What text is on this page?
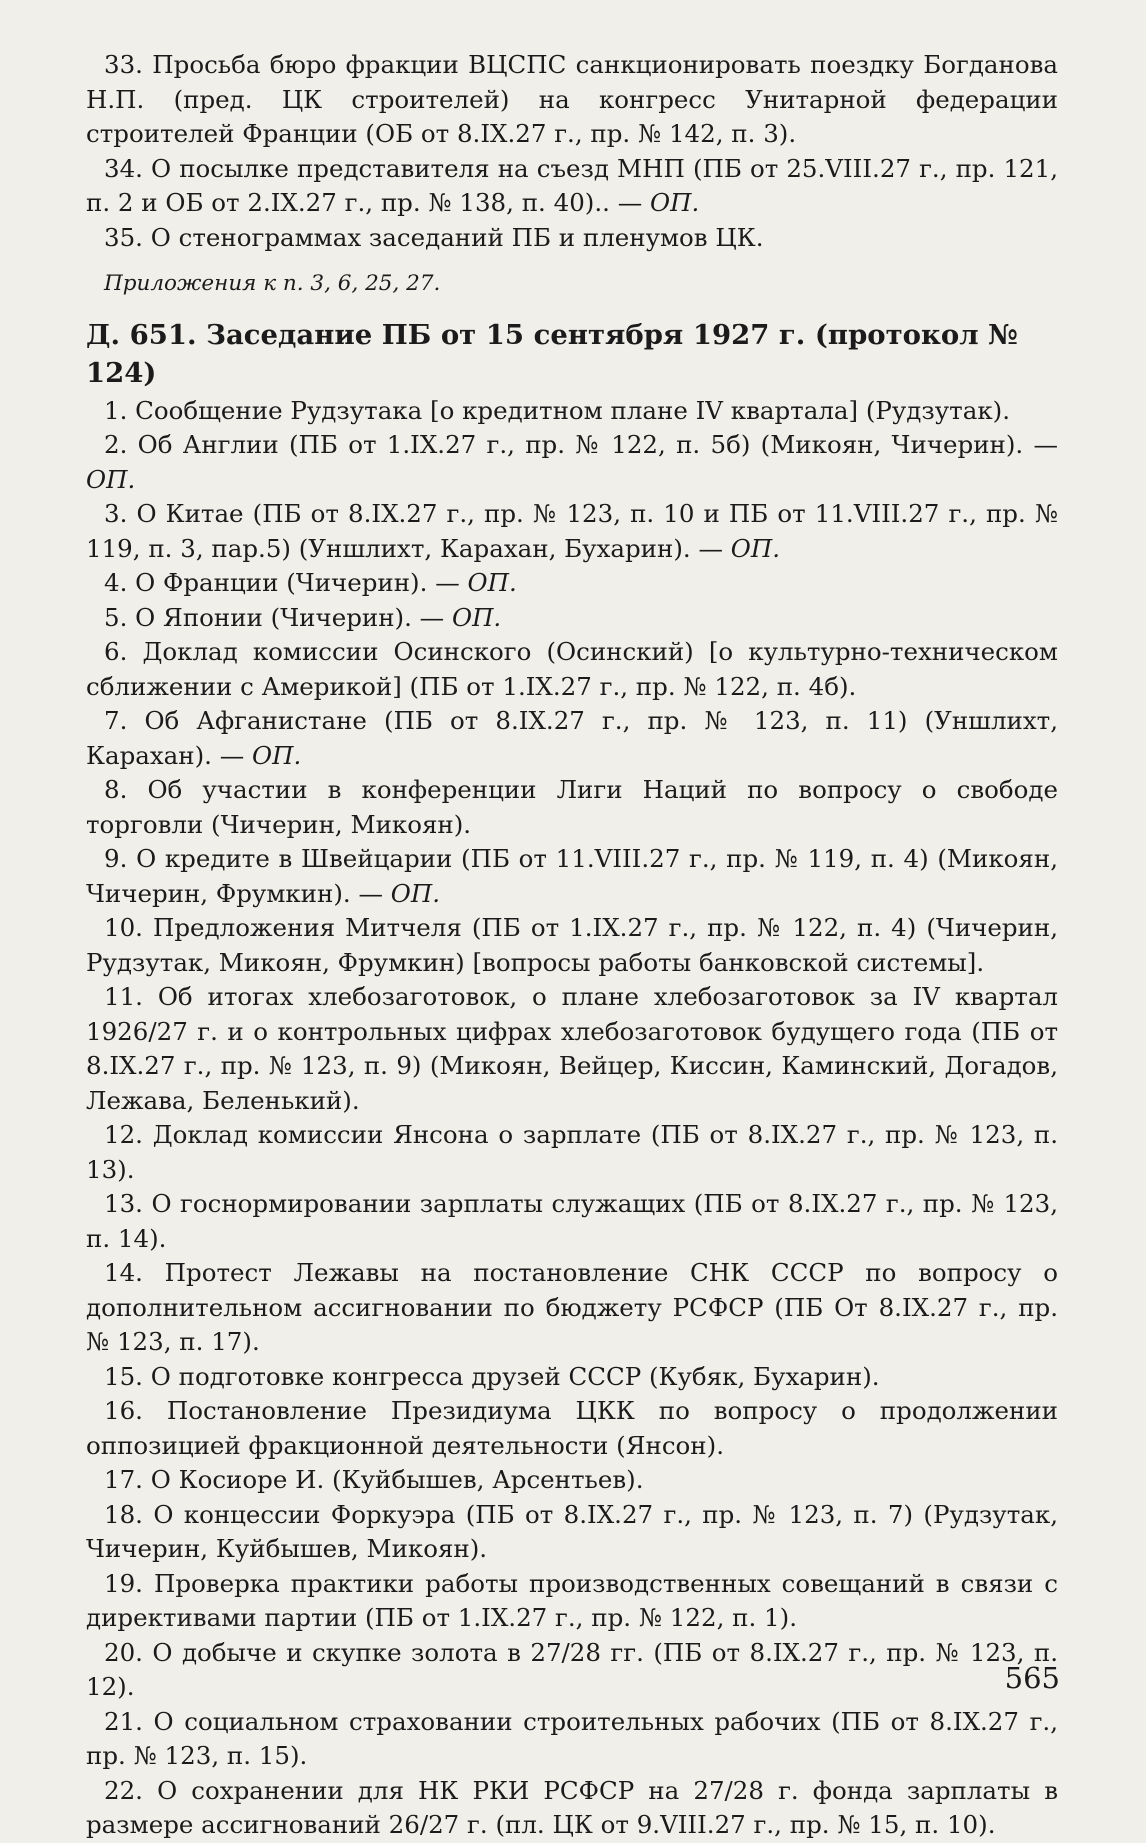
33. Просьба бюро фракции ВЦСПС санкционировать поездку Богданова Н.П. (пред. ЦК строителей) на конгресс Унитарной федерации строителей Франции (ОБ от 8.IX.27 г., пр. № 142, п. 3).

34. О посылке представителя на съезд МНП (ПБ от 25.VIII.27 г., пр. 121, п. 2 и ОБ от 2.IX.27 г., пр. № 138, п. 40).. — ОП.

35. О стенограммах заседаний ПБ и пленумов ЦК.

Приложения к п. 3, 6, 25, 27.

Д. 651. Заседание ПБ от 15 сентября 1927 г. (протокол № 124)

1. Сообщение Рудзутака [о кредитном плане IV квартала] (Рудзутак).

2. Об Англии (ПБ от 1.IX.27 г., пр. № 122, п. 5б) (Микоян, Чичерин). — ОП.

3. О Китае (ПБ от 8.IX.27 г., пр. № 123, п. 10 и ПБ от 11.VIII.27 г., пр. № 119, п. 3, пар.5) (Уншлихт, Карахан, Бухарин). — ОП.

4. О Франции (Чичерин). — ОП.

5. О Японии (Чичерин). — ОП.

6. Доклад комиссии Осинского (Осинский) [о культурно-техническом сближении с Америкой] (ПБ от 1.IX.27 г., пр. № 122, п. 4б).

7. Об Афганистане (ПБ от 8.IX.27 г., пр. № 123, п. 11) (Уншлихт, Карахан). — ОП.

8. Об участии в конференции Лиги Наций по вопросу о свободе торговли (Чичерин, Микоян).

9. О кредите в Швейцарии (ПБ от 11.VIII.27 г., пр. № 119, п. 4) (Микоян, Чичерин, Фрумкин). — ОП.

10. Предложения Митчеля (ПБ от 1.IX.27 г., пр. № 122, п. 4) (Чичерин, Рудзутак, Микоян, Фрумкин) [вопросы работы банковской системы].

11. Об итогах хлебозаготовок, о плане хлебозаготовок за IV квартал 1926/27 г. и о контрольных цифрах хлебозаготовок будущего года (ПБ от 8.IX.27 г., пр. № 123, п. 9) (Микоян, Вейцер, Киссин, Каминский, Догадов, Лежава, Беленький).

12. Доклад комиссии Янсона о зарплате (ПБ от 8.IX.27 г., пр. № 123, п. 13).

13. О госнормировании зарплаты служащих (ПБ от 8.IX.27 г., пр. № 123, п. 14).

14. Протест Лежавы на постановление СНК СССР по вопросу о дополнительном ассигновании по бюджету РСФСР (ПБ От 8.IX.27 г., пр. № 123, п. 17).

15. О подготовке конгресса друзей СССР (Кубяк, Бухарин).

16. Постановление Президиума ЦКК по вопросу о продолжении оппозицией фракционной деятельности (Янсон).

17. О Косиоре И. (Куйбышев, Арсентьев).

18. О концессии Форкуэра (ПБ от 8.IX.27 г., пр. № 123, п. 7) (Рудзутак, Чичерин, Куйбышев, Микоян).

19. Проверка практики работы производственных совещаний в связи с директивами партии (ПБ от 1.IX.27 г., пр. № 122, п. 1).

20. О добыче и скупке золота в 27/28 гг. (ПБ от 8.IX.27 г., пр. № 123, п. 12).

21. О социальном страховании строительных рабочих (ПБ от 8.IX.27 г., пр. № 123, п. 15).

22. О сохранении для НК РКИ РСФСР на 27/28 г. фонда зарплаты в размере ассигнований 26/27 г. (пл. ЦК от 9.VIII.27 г., пр. № 15, п. 10).

565
